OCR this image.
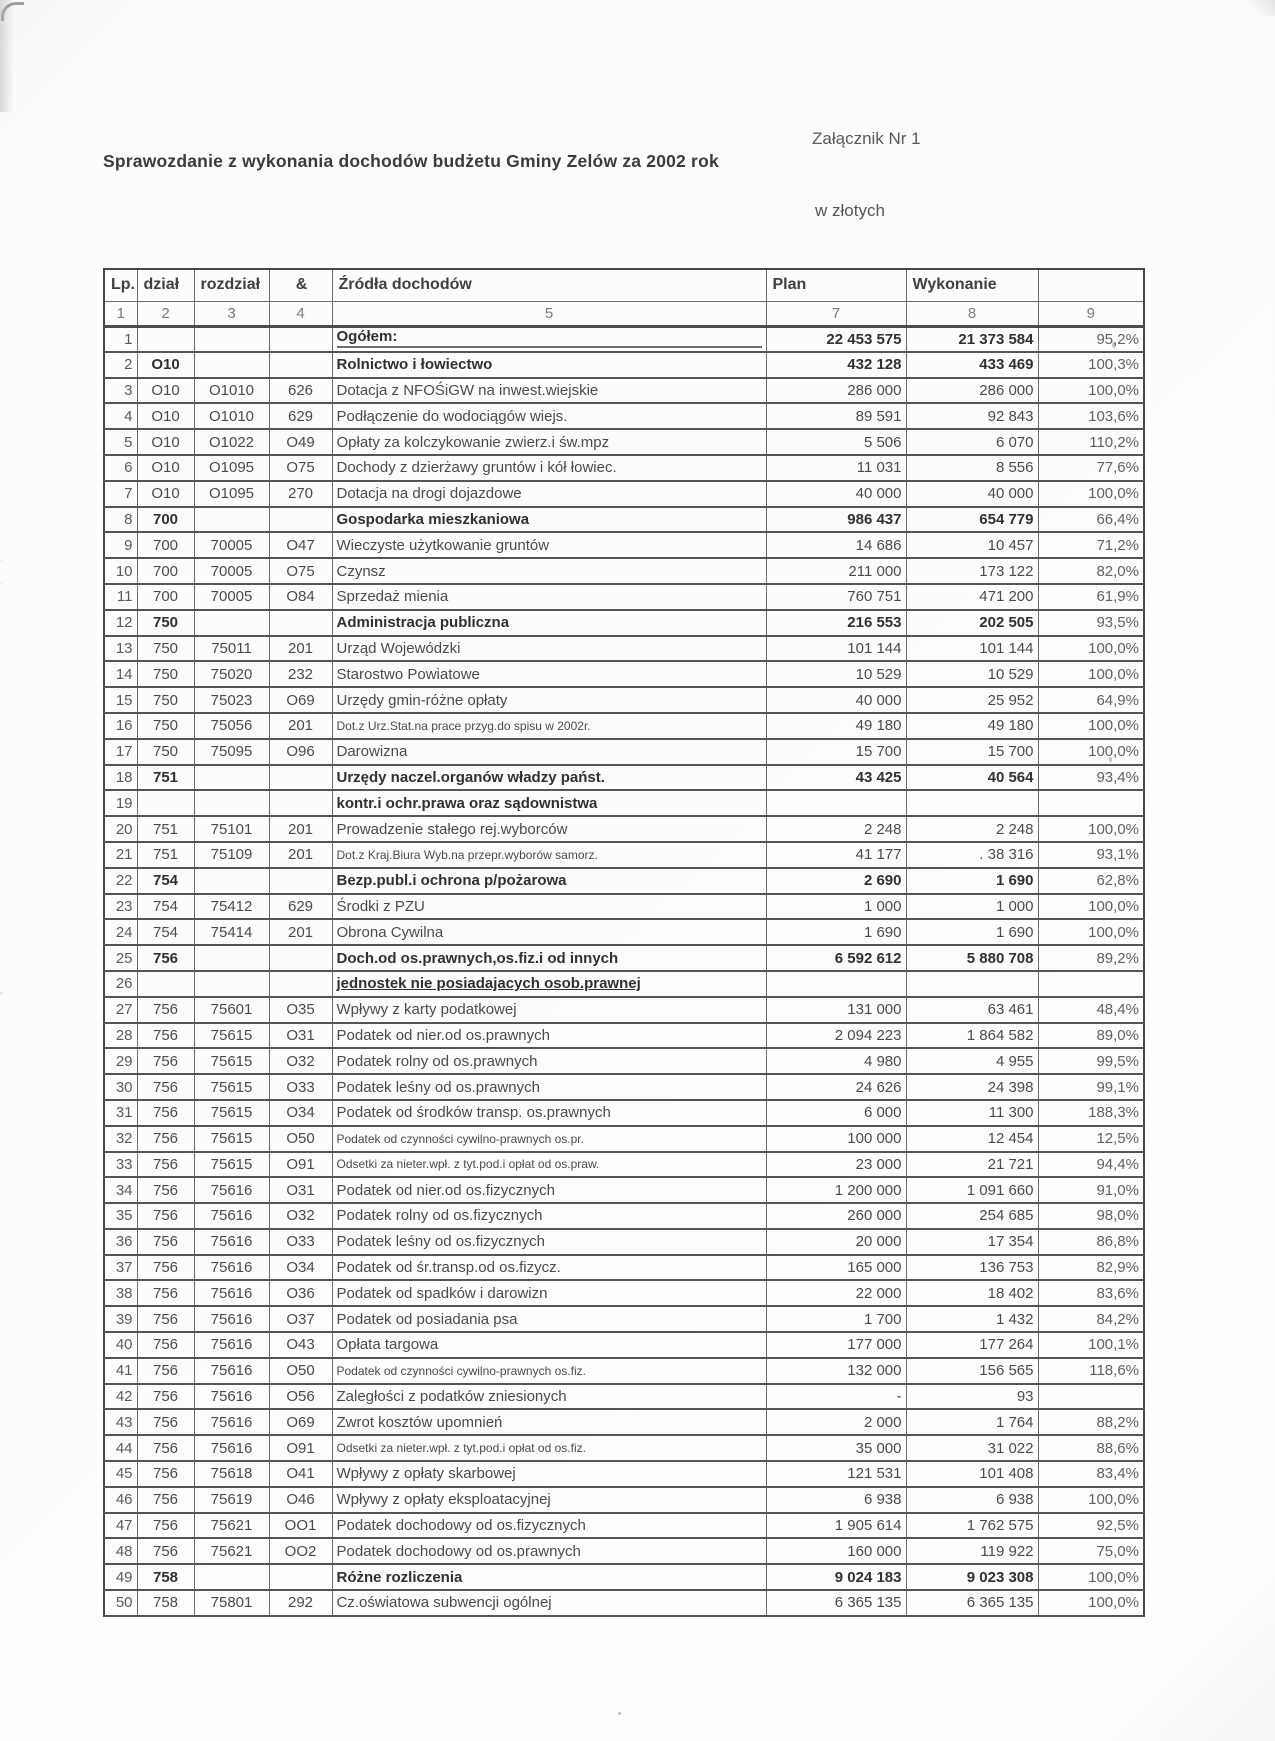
Załącznik Nr 1
Sprawozdanie z wykonania dochodów budżetu Gminy Zelów za 2002 rok
w złotych
Lp.	dział	rozdział	&	Źródła dochodów	Plan	Wykonanie	
1	2	3	4	5	7	8	9
1				Ogółem:	22 453 575	21 373 584	95,2%
2	O10			Rolnictwo i łowiectwo	432 128	433 469	100,3%
3	O10	O1010	626	Dotacja z NFOŚiGW na inwest.wiejskie	286 000	286 000	100,0%
4	O10	O1010	629	Podłączenie do wodociągów wiejs.	89 591	92 843	103,6%
5	O10	O1022	O49	Opłaty za kolczykowanie zwierz.i św.mpz	5 506	6 070	110,2%
6	O10	O1095	O75	Dochody z dzierżawy gruntów i kół łowiec.	11 031	8 556	77,6%
7	O10	O1095	270	Dotacja na drogi dojazdowe	40 000	40 000	100,0%
8	700			Gospodarka mieszkaniowa	986 437	654 779	66,4%
9	700	70005	O47	Wieczyste użytkowanie gruntów	14 686	10 457	71,2%
10	700	70005	O75	Czynsz	211 000	173 122	82,0%
11	700	70005	O84	Sprzedaż mienia	760 751	471 200	61,9%
12	750			Administracja publiczna	216 553	202 505	93,5%
13	750	75011	201	Urząd Wojewódzki	101 144	101 144	100,0%
14	750	75020	232	Starostwo Powiatowe	10 529	10 529	100,0%
15	750	75023	O69	Urzędy gmin-różne opłaty	40 000	25 952	64,9%
16	750	75056	201	Dot.z Urz.Stat.na prace przyg.do spisu w 2002r.	49 180	49 180	100,0%
17	750	75095	O96	Darowizna	15 700	15 700	100,0%
18	751			Urzędy naczel.organów władzy państ.	43 425	40 564	93,4%
19				kontr.i ochr.prawa oraz sądownistwa			
20	751	75101	201	Prowadzenie stałego rej.wyborców	2 248	2 248	100,0%
21	751	75109	201	Dot.z Kraj.Biura Wyb.na przepr.wyborów samorz.	41 177	. 38 316	93,1%
22	754			Bezp.publ.i ochrona p/pożarowa	2 690	1 690	62,8%
23	754	75412	629	Środki z PZU	1 000	1 000	100,0%
24	754	75414	201	Obrona Cywilna	1 690	1 690	100,0%
25	756			Doch.od os.prawnych,os.fiz.i od innych	6 592 612	5 880 708	89,2%
26				jednostek nie posiadajacych osob.prawnej			
27	756	75601	O35	Wpływy z karty podatkowej	131 000	63 461	48,4%
28	756	75615	O31	Podatek od nier.od os.prawnych	2 094 223	1 864 582	89,0%
29	756	75615	O32	Podatek rolny od os.prawnych	4 980	4 955	99,5%
30	756	75615	O33	Podatek leśny od os.prawnych	24 626	24 398	99,1%
31	756	75615	O34	Podatek od środków transp. os.prawnych	6 000	11 300	188,3%
32	756	75615	O50	Podatek od czynności cywilno-prawnych os.pr.	100 000	12 454	12,5%
33	756	75615	O91	Odsetki za nieter.wpł. z tyt.pod.i opłat od os.praw.	23 000	21 721	94,4%
34	756	75616	O31	Podatek od nier.od os.fizycznych	1 200 000	1 091 660	91,0%
35	756	75616	O32	Podatek rolny od os.fizycznych	260 000	254 685	98,0%
36	756	75616	O33	Podatek leśny od os.fizycznych	20 000	17 354	86,8%
37	756	75616	O34	Podatek od śr.transp.od os.fizycz.	165 000	136 753	82,9%
38	756	75616	O36	Podatek od spadków i darowizn	22 000	18 402	83,6%
39	756	75616	O37	Podatek od posiadania psa	1 700	1 432	84,2%
40	756	75616	O43	Opłata targowa	177 000	177 264	100,1%
41	756	75616	O50	Podatek od czynności cywilno-prawnych os.fiz.	132 000	156 565	118,6%
42	756	75616	O56	Zaległości z podatków zniesionych	-	93	
43	756	75616	O69	Zwrot kosztów upomnień	2 000	1 764	88,2%
44	756	75616	O91	Odsetki za nieter.wpł. z tyt.pod.i opłat od os.fiz.	35 000	31 022	88,6%
45	756	75618	O41	Wpływy z opłaty skarbowej	121 531	101 408	83,4%
46	756	75619	O46	Wpływy z opłaty eksploatacyjnej	6 938	6 938	100,0%
47	756	75621	OO1	Podatek dochodowy od os.fizycznych	1 905 614	1 762 575	92,5%
48	756	75621	OO2	Podatek dochodowy od os.prawnych	160 000	119 922	75,0%
49	758			Różne rozliczenia	9 024 183	9 023 308	100,0%
50	758	75801	292	Cz.oświatowa subwencji ogólnej	6 365 135	6 365 135	100,0%
